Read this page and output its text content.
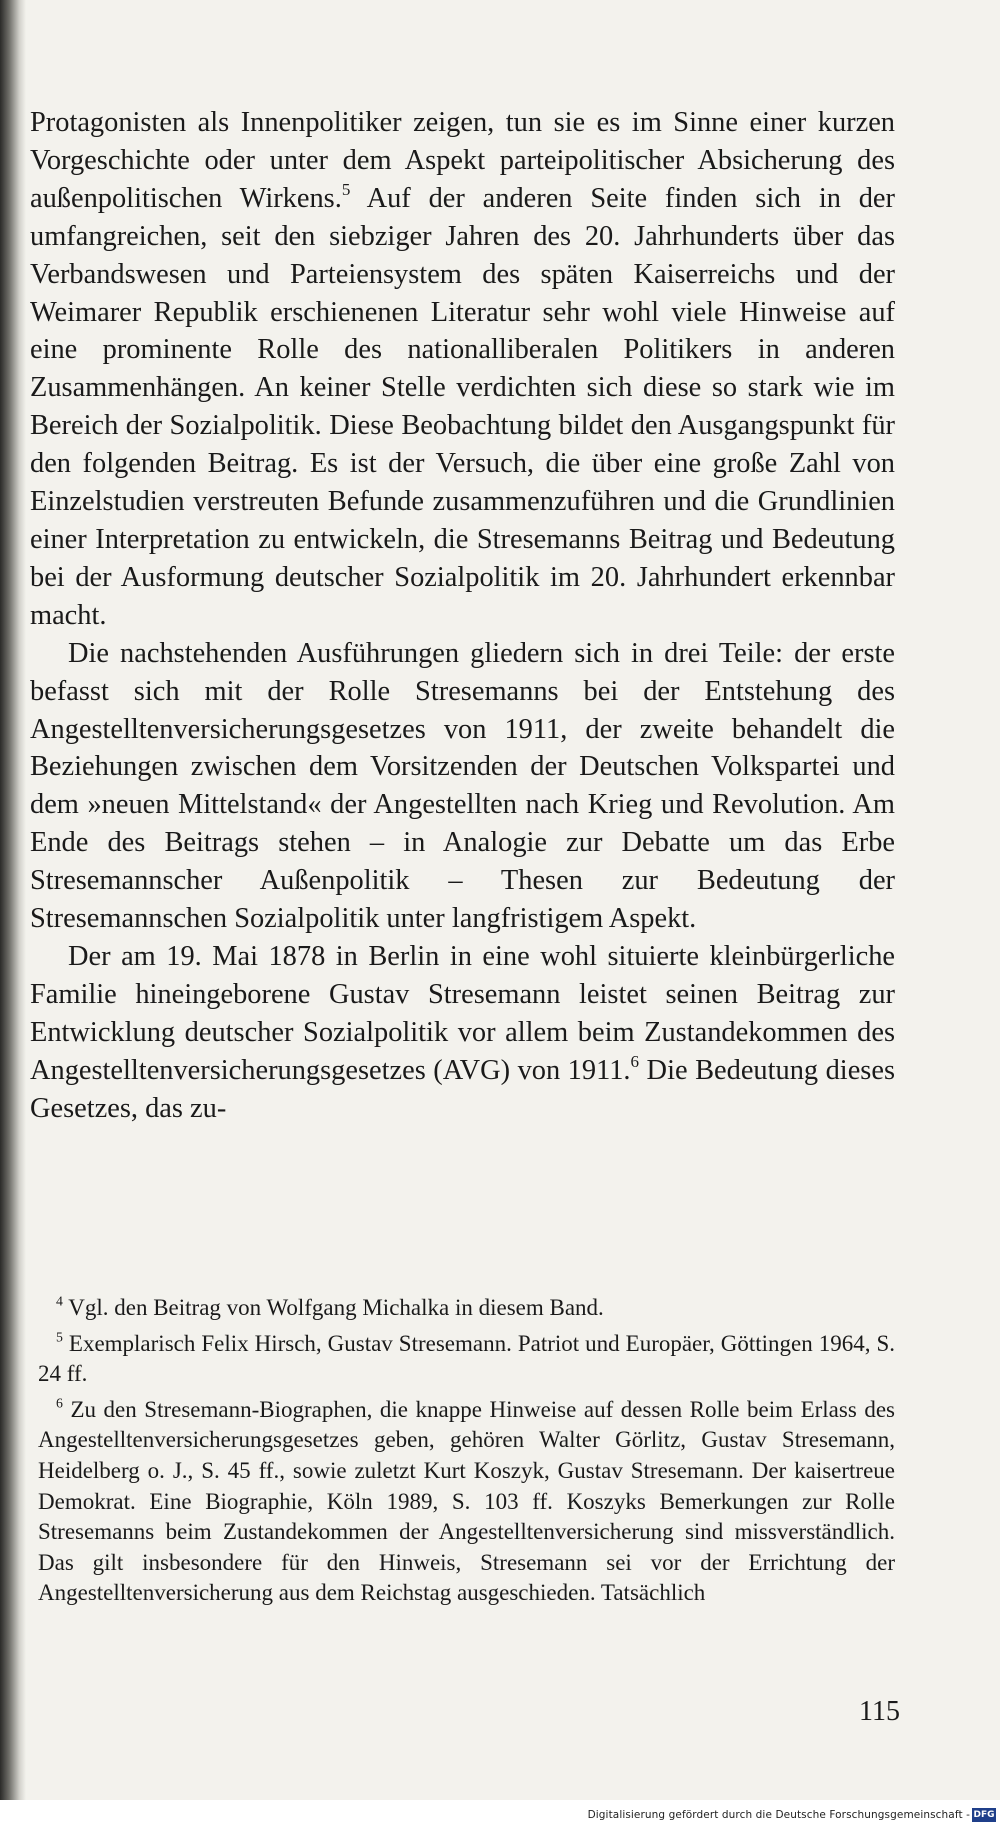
Protagonisten als Innenpolitiker zeigen, tun sie es im Sinne einer kurzen Vorgeschichte oder unter dem Aspekt parteipolitischer Absicherung des außenpolitischen Wirkens.$^5$ Auf der anderen Seite finden sich in der umfangreichen, seit den siebziger Jahren des 20. Jahrhunderts über das Verbandswesen und Parteiensystem des späten Kaiserreichs und der Weimarer Republik erschienenen Literatur sehr wohl viele Hinweise auf eine prominente Rolle des nationalliberalen Politikers in anderen Zusammenhängen. An keiner Stelle verdichten sich diese so stark wie im Bereich der Sozialpolitik. Diese Beobachtung bildet den Ausgangspunkt für den folgenden Beitrag. Es ist der Versuch, die über eine große Zahl von Einzelstudien verstreuten Befunde zusammenzuführen und die Grundlinien einer Interpretation zu entwickeln, die Stresemanns Beitrag und Bedeutung bei der Ausformung deutscher Sozialpolitik im 20. Jahrhundert erkennbar macht.

Die nachstehenden Ausführungen gliedern sich in drei Teile: der erste befasst sich mit der Rolle Stresemanns bei der Entstehung des Angestelltenversicherungsgesetzes von 1911, der zweite behandelt die Beziehungen zwischen dem Vorsitzenden der Deutschen Volkspartei und dem »neuen Mittelstand« der Angestellten nach Krieg und Revolution. Am Ende des Beitrags stehen – in Analogie zur Debatte um das Erbe Stresemannscher Außenpolitik – Thesen zur Bedeutung der Stresemannschen Sozialpolitik unter langfristigem Aspekt.

Der am 19. Mai 1878 in Berlin in eine wohl situierte kleinbürgerliche Familie hineingeborene Gustav Stresemann leistet seinen Beitrag zur Entwicklung deutscher Sozialpolitik vor allem beim Zustandekommen des Angestelltenversicherungsgesetzes (AVG) von 1911.$^6$ Die Bedeutung dieses Gesetzes, das zu-

$^4$ Vgl. den Beitrag von Wolfgang Michalka in diesem Band.

$^5$ Exemplarisch Felix Hirsch, Gustav Stresemann. Patriot und Europäer, Göttingen 1964, S. 24 ff.

$^6$ Zu den Stresemann-Biographen, die knappe Hinweise auf dessen Rolle beim Erlass des Angestelltenversicherungsgesetzes geben, gehören Walter Görlitz, Gustav Stresemann, Heidelberg o. J., S. 45 ff., sowie zuletzt Kurt Koszyk, Gustav Stresemann. Der kaisertreue Demokrat. Eine Biographie, Köln 1989, S. 103 ff. Koszyks Bemerkungen zur Rolle Stresemanns beim Zustandekommen der Angestelltenversicherung sind missverständlich. Das gilt insbesondere für den Hinweis, Stresemann sei vor der Errichtung der Angestelltenversicherung aus dem Reichstag ausgeschieden. Tatsächlich

115
Digitalisierung gefördert durch die Deutsche Forschungsgemeinschaft - DFG
